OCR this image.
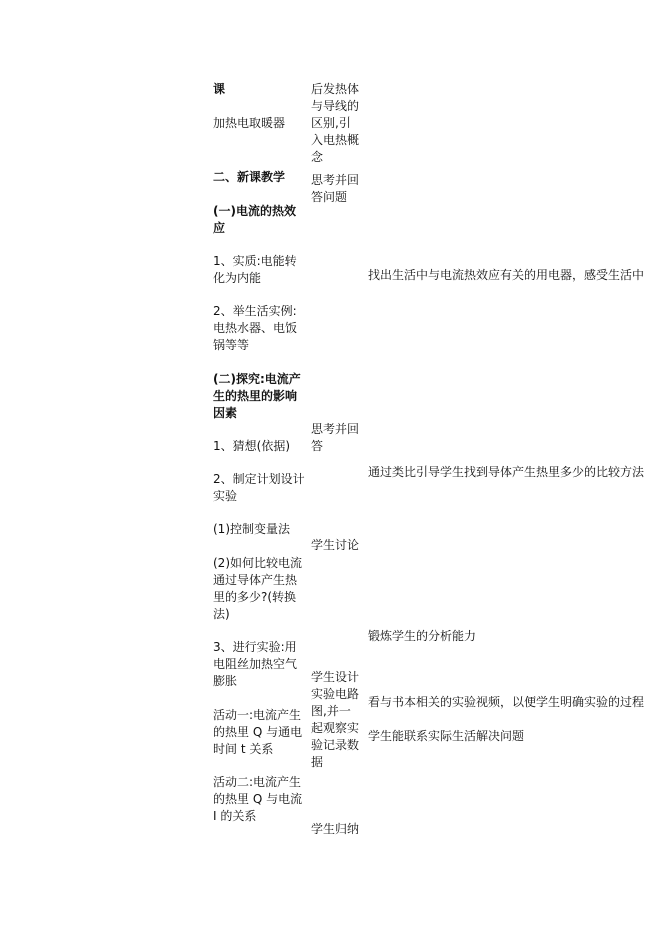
课
加热电取暖器
二、新课教学
(一)电流的热效
应
1、实质:电能转
化为内能
2、举生活实例:
电热水器、电饭
锅等等
(二)探究:电流产
生的热里的影响
因素
1、猜想(依据)
2、制定计划设计
实验
(1)控制变量法
(2)如何比较电流
通过导体产生热
里的多少?(转换
法)
3、进行实验:用
电阻丝加热空气
膨胀
活动一:电流产生
的热里 Q 与通电
时间 t 关系
活动二:电流产生
的热里 Q 与电流
I 的关系
后发热体
与导线的
区别,引
入电热概
念
思考并回
答问题
思考并回
答
学生讨论
学生设计
实验电路
图,并一
起观察实
验记录数
据
学生归纳
找出生活中与电流热效应有关的用电器，感受生活中
通过类比引导学生找到导体产生热里多少的比较方法
锻炼学生的分析能力
看与书本相关的实验视频，以便学生明确实验的过程
学生能联系实际生活解决问题
